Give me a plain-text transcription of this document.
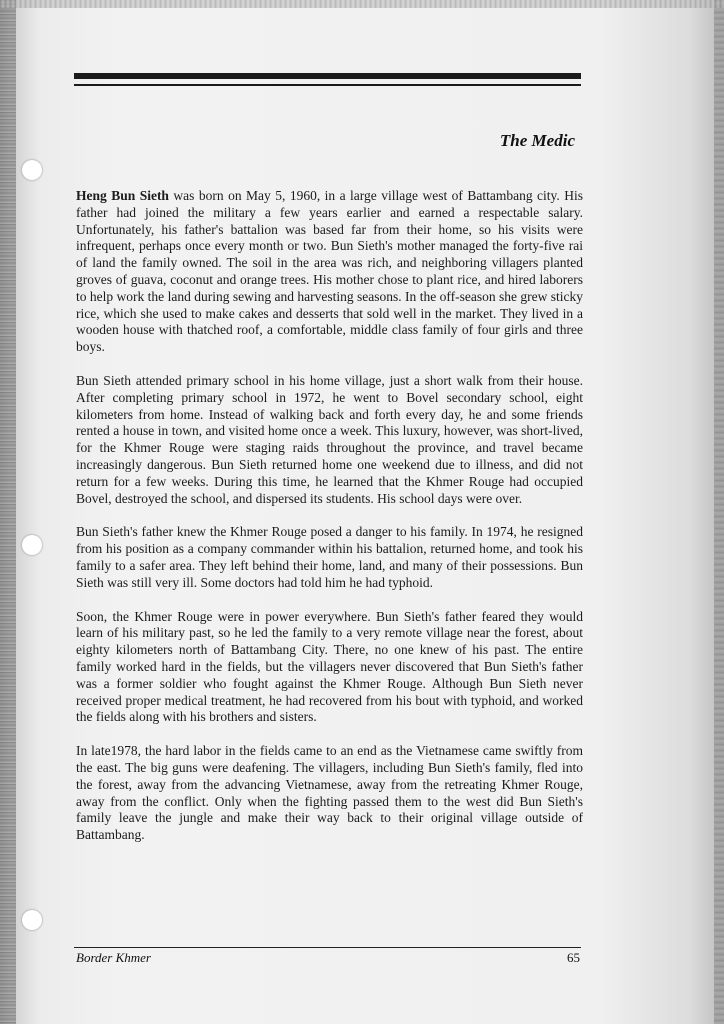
The Medic

Heng Bun Sieth was born on May 5, 1960, in a large village west of Battambang city. His father had joined the military a few years earlier and earned a respectable salary. Unfortunately, his father's battalion was based far from their home, so his visits were infrequent, perhaps once every month or two. Bun Sieth's mother managed the forty-five rai of land the family owned. The soil in the area was rich, and neighboring villagers planted groves of guava, coconut and orange trees. His mother chose to plant rice, and hired laborers to help work the land during sewing and harvesting seasons. In the off-season she grew sticky rice, which she used to make cakes and desserts that sold well in the market. They lived in a wooden house with thatched roof, a comfortable, middle class family of four girls and three boys.

Bun Sieth attended primary school in his home village, just a short walk from their house. After completing primary school in 1972, he went to Bovel secondary school, eight kilometers from home. Instead of walking back and forth every day, he and some friends rented a house in town, and visited home once a week. This luxury, however, was short-lived, for the Khmer Rouge were staging raids throughout the province, and travel became increasingly dangerous. Bun Sieth returned home one weekend due to illness, and did not return for a few weeks. During this time, he learned that the Khmer Rouge had occupied Bovel, destroyed the school, and dispersed its students. His school days were over.

Bun Sieth's father knew the Khmer Rouge posed a danger to his family. In 1974, he resigned from his position as a company commander within his battalion, returned home, and took his family to a safer area. They left behind their home, land, and many of their possessions. Bun Sieth was still very ill. Some doctors had told him he had typhoid.

Soon, the Khmer Rouge were in power everywhere. Bun Sieth's father feared they would learn of his military past, so he led the family to a very remote village near the forest, about eighty kilometers north of Battambang City. There, no one knew of his past. The entire family worked hard in the fields, but the villagers never discovered that Bun Sieth's father was a former soldier who fought against the Khmer Rouge. Although Bun Sieth never received proper medical treatment, he had recovered from his bout with typhoid, and worked the fields along with his brothers and sisters.

In late1978, the hard labor in the fields came to an end as the Vietnamese came swiftly from the east. The big guns were deafening. The villagers, including Bun Sieth's family, fled into the forest, away from the advancing Vietnamese, away from the retreating Khmer Rouge, away from the conflict. Only when the fighting passed them to the west did Bun Sieth's family leave the jungle and make their way back to their original village outside of Battambang.

Border Khmer	65
